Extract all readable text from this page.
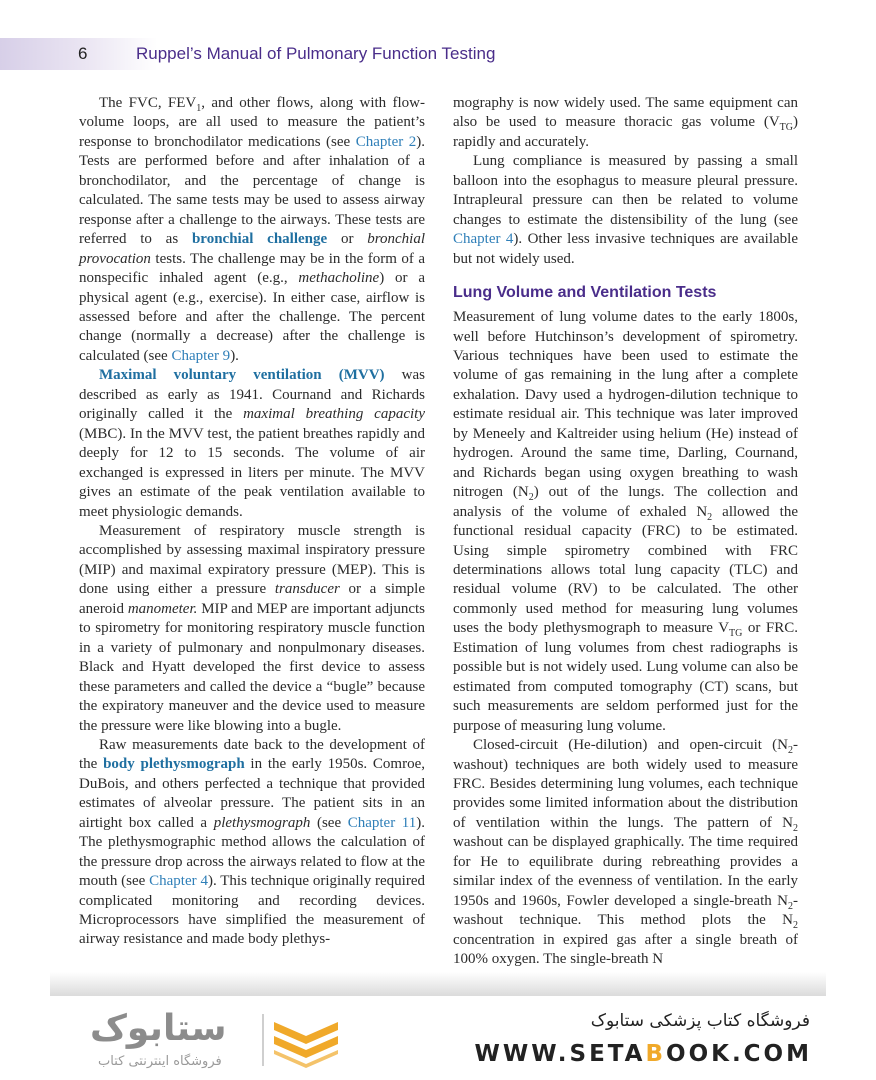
6	Ruppel’s Manual of Pulmonary Function Testing

The FVC, $FEV_1$, and other flows, along with flow-volume loops, are all used to measure the patient’s response to bronchodilator medications (see Chapter 2). Tests are performed before and after inhalation of a bronchodilator, and the percentage of change is calculated. The same tests may be used to assess airway response after a challenge to the airways. These tests are referred to as bronchial challenge or bronchial provocation tests. The challenge may be in the form of a nonspecific inhaled agent (e.g., methacholine) or a physical agent (e.g., exercise). In either case, airflow is assessed before and after the challenge. The percent change (normally a decrease) after the challenge is calculated (see Chapter 9).

Maximal voluntary ventilation (MVV) was described as early as 1941. Cournand and Richards originally called it the maximal breathing capacity (MBC). In the MVV test, the patient breathes rapidly and deeply for 12 to 15 seconds. The volume of air exchanged is expressed in liters per minute. The MVV gives an estimate of the peak ventilation available to meet physiologic demands.

Measurement of respiratory muscle strength is accomplished by assessing maximal inspiratory pressure (MIP) and maximal expiratory pressure (MEP). This is done using either a pressure transducer or a simple aneroid manometer. MIP and MEP are important adjuncts to spirometry for monitoring respiratory muscle function in a variety of pulmonary and nonpulmonary diseases. Black and Hyatt developed the first device to assess these parameters and called the device a “bugle” because the expiratory maneuver and the device used to measure the pressure were like blowing into a bugle.

Raw measurements date back to the development of the body plethysmograph in the early 1950s. Comroe, DuBois, and others perfected a technique that provided estimates of alveolar pressure. The patient sits in an airtight box called a plethysmograph (see Chapter 11). The plethysmographic method allows the calculation of the pressure drop across the airways related to flow at the mouth (see Chapter 4). This technique originally required complicated monitoring and recording devices. Microprocessors have simplified the measurement of airway resistance and made body plethys-

mography is now widely used. The same equipment can also be used to measure thoracic gas volume $(V_{TG})$ rapidly and accurately.

Lung compliance is measured by passing a small balloon into the esophagus to measure pleural pressure. Intrapleural pressure can then be related to volume changes to estimate the distensibility of the lung (see Chapter 4). Other less invasive techniques are available but not widely used.

Lung Volume and Ventilation Tests

Measurement of lung volume dates to the early 1800s, well before Hutchinson’s development of spirometry. Various techniques have been used to estimate the volume of gas remaining in the lung after a complete exhalation. Davy used a hydrogen-dilution technique to estimate residual air. This technique was later improved by Meneely and Kaltreider using helium (He) instead of hydrogen. Around the same time, Darling, Cournand, and Richards began using oxygen breathing to wash nitrogen $(N_2)$ out of the lungs. The collection and analysis of the volume of exhaled $N_2$ allowed the functional residual capacity (FRC) to be estimated. Using simple spirometry combined with FRC determinations allows total lung capacity (TLC) and residual volume (RV) to be calculated. The other commonly used method for measuring lung volumes uses the body plethysmograph to measure $V_{TG}$ or FRC. Estimation of lung volumes from chest radiographs is possible but is not widely used. Lung volume can also be estimated from computed tomography (CT) scans, but such measurements are seldom performed just for the purpose of measuring lung volume.

Closed-circuit (He-dilution) and open-circuit $(N_2-washout)$ techniques are both widely used to measure FRC. Besides determining lung volumes, each technique provides some limited information about the distribution of ventilation within the lungs. The pattern of $N_2$ washout can be displayed graphically. The time required for He to equilibrate during rebreathing provides a similar index of the evenness of ventilation. In the early 1950s and 1960s, Fowler developed a single-breath $N_2$-washout technique. This method plots the $N_2$ concentration in expired gas after a single breath of 100% oxygen. The single-breath N

ستابوک
فروشگاه اینترنتی کتاب
فروشگاه کتاب پزشکی ستابوک
WWW.SETABOOK.COM
